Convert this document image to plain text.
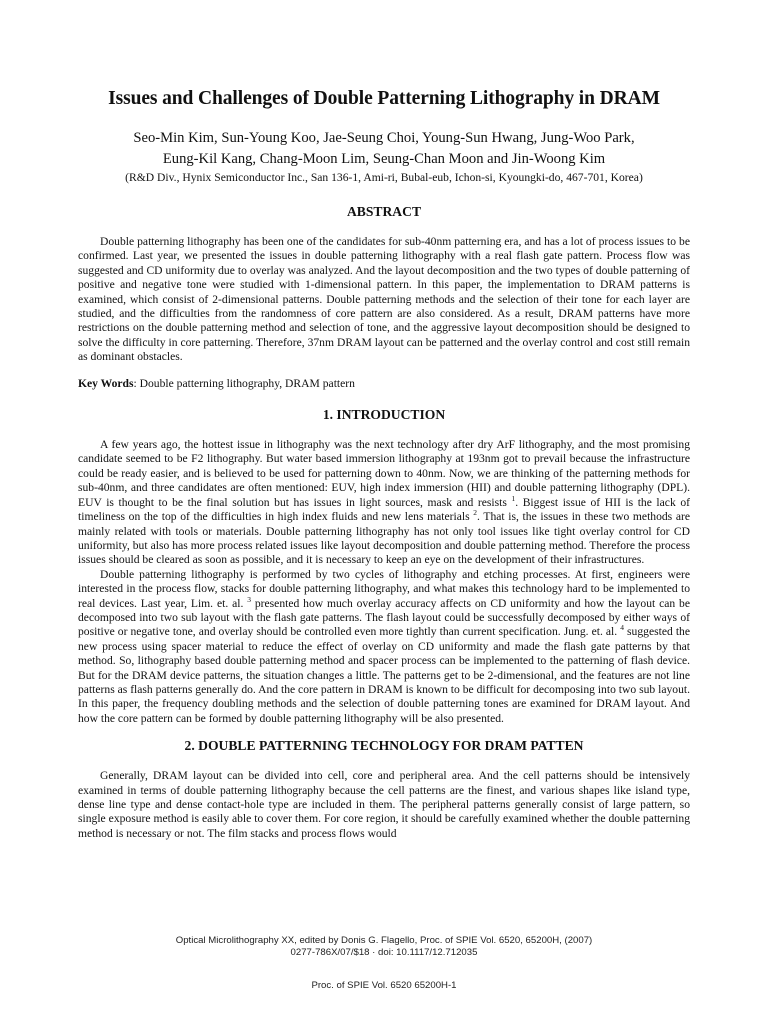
Issues and Challenges of Double Patterning Lithography in DRAM

Seo-Min Kim, Sun-Young Koo, Jae-Seung Choi, Young-Sun Hwang, Jung-Woo Park,

Eung-Kil Kang, Chang-Moon Lim, Seung-Chan Moon and Jin-Woong Kim

(R&D Div., Hynix Semiconductor Inc., San 136-1, Ami-ri, Bubal-eub, Ichon-si, Kyoungki-do, 467-701, Korea)

ABSTRACT

Double patterning lithography has been one of the candidates for sub-40nm patterning era, and has a lot of process issues to be confirmed. Last year, we presented the issues in double patterning lithography with a real flash gate pattern. Process flow was suggested and CD uniformity due to overlay was analyzed. And the layout decomposition and the two types of double patterning of positive and negative tone were studied with 1-dimensional pattern. In this paper, the implementation to DRAM patterns is examined, which consist of 2-dimensional patterns. Double patterning methods and the selection of their tone for each layer are studied, and the difficulties from the randomness of core pattern are also considered. As a result, DRAM patterns have more restrictions on the double patterning method and selection of tone, and the aggressive layout decomposition should be designed to solve the difficulty in core patterning. Therefore, 37nm DRAM layout can be patterned and the overlay control and cost still remain as dominant obstacles.

Key Words: Double patterning lithography, DRAM pattern

1. INTRODUCTION

A few years ago, the hottest issue in lithography was the next technology after dry ArF lithography, and the most promising candidate seemed to be F2 lithography. But water based immersion lithography at 193nm got to prevail because the infrastructure could be ready easier, and is believed to be used for patterning down to 40nm. Now, we are thinking of the patterning methods for sub-40nm, and three candidates are often mentioned: EUV, high index immersion (HII) and double patterning lithography (DPL). EUV is thought to be the final solution but has issues in light sources, mask and resists $^1$. Biggest issue of HII is the lack of timeliness on the top of the difficulties in high index fluids and new lens materials $^2$. That is, the issues in these two methods are mainly related with tools or materials. Double patterning lithography has not only tool issues like tight overlay control for CD uniformity, but also has more process related issues like layout decomposition and double patterning method. Therefore the process issues should be cleared as soon as possible, and it is necessary to keep an eye on the development of their infrastructures.

Double patterning lithography is performed by two cycles of lithography and etching processes. At first, engineers were interested in the process flow, stacks for double patterning lithography, and what makes this technology hard to be implemented to real devices. Last year, Lim. et. al. $^3$ presented how much overlay accuracy affects on CD uniformity and how the layout can be decomposed into two sub layout with the flash gate patterns. The flash layout could be successfully decomposed by either ways of positive or negative tone, and overlay should be controlled even more tightly than current specification. Jung. et. al. $^4$ suggested the new process using spacer material to reduce the effect of overlay on CD uniformity and made the flash gate patterns by that method. So, lithography based double patterning method and spacer process can be implemented to the patterning of flash device. But for the DRAM device patterns, the situation changes a little. The patterns get to be 2-dimensional, and the features are not line patterns as flash patterns generally do. And the core pattern in DRAM is known to be difficult for decomposing into two sub layout. In this paper, the frequency doubling methods and the selection of double patterning tones are examined for DRAM layout. And how the core pattern can be formed by double patterning lithography will be also presented.

2. DOUBLE PATTERNING TECHNOLOGY FOR DRAM PATTEN

Generally, DRAM layout can be divided into cell, core and peripheral area. And the cell patterns should be intensively examined in terms of double patterning lithography because the cell patterns are the finest, and various shapes like island type, dense line type and dense contact-hole type are included in them. The peripheral patterns generally consist of large pattern, so single exposure method is easily able to cover them. For core region, it should be carefully examined whether the double patterning method is necessary or not. The film stacks and process flows would

Optical Microlithography XX, edited by Donis G. Flagello, Proc. of SPIE Vol. 6520, 65200H, (2007)
0277-786X/07/$18 · doi: 10.1117/12.712035
Proc. of SPIE Vol. 6520 65200H-1
